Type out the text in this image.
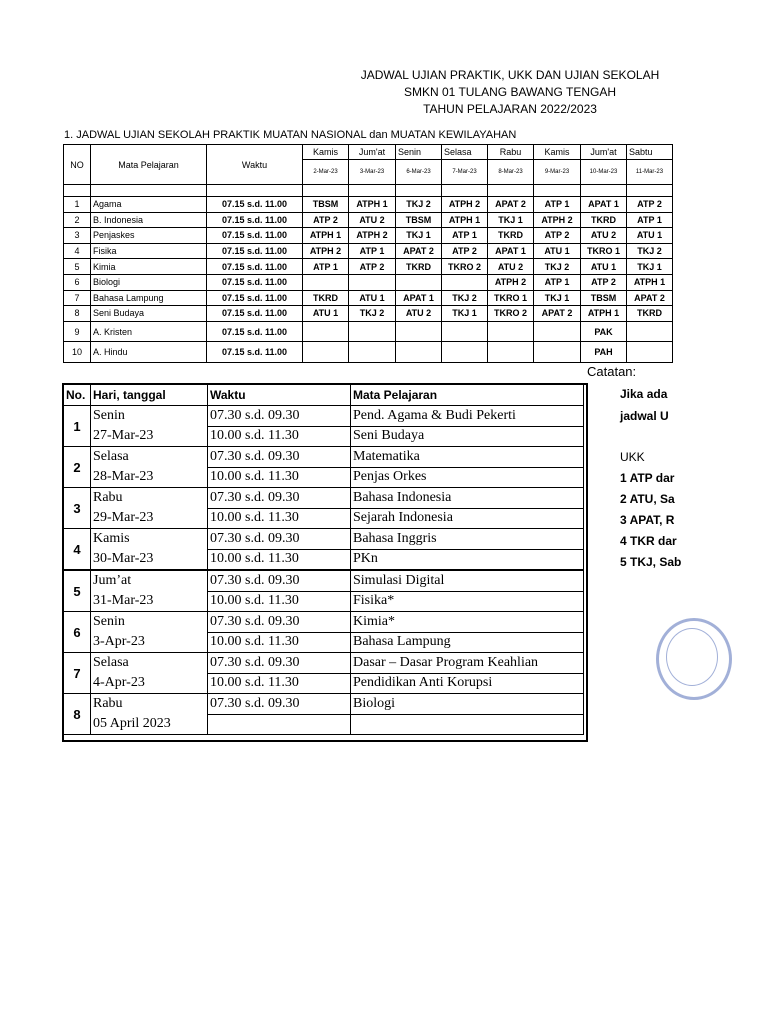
JADWAL UJIAN PRAKTIK, UKK DAN UJIAN SEKOLAH
SMKN 01 TULANG BAWANG TENGAH
TAHUN PELAJARAN 2022/2023
1. JADWAL UJIAN SEKOLAH PRAKTIK MUATAN NASIONAL dan MUATAN KEWILAYAHAN
NO	Mata Pelajaran	Waktu	Kamis	Jum'at	Senin	Selasa	Rabu	Kamis	Jum'at	Sabtu
			2-Mar-23	3-Mar-23	6-Mar-23	7-Mar-23	8-Mar-23	9-Mar-23	10-Mar-23	11-Mar-23

1	Agama	07.15 s.d. 11.00	TBSM	ATPH 1	TKJ 2	ATPH 2	APAT 2	ATP 1	APAT 1	ATP 2
2	B. Indonesia	07.15 s.d. 11.00	ATP 2	ATU 2	TBSM	ATPH 1	TKJ 1	ATPH 2	TKRD	ATP 1
3	Penjaskes	07.15 s.d. 11.00	ATPH 1	ATPH 2	TKJ 1	ATP 1	TKRD	ATP 2	ATU 2	ATU 1
4	Fisika	07.15 s.d. 11.00	ATPH 2	ATP 1	APAT 2	ATP 2	APAT 1	ATU 1	TKRO 1	TKJ 2
5	Kimia	07.15 s.d. 11.00	ATP 1	ATP 2	TKRD	TKRO 2	ATU 2	TKJ 2	ATU 1	TKJ 1
6	Biologi	07.15 s.d. 11.00					ATPH 2	ATP 1	ATP 2	ATPH 1
7	Bahasa Lampung	07.15 s.d. 11.00	TKRD	ATU 1	APAT 1	TKJ 2	TKRO 1	TKJ 1	TBSM	APAT 2
8	Seni Budaya	07.15 s.d. 11.00	ATU 1	TKJ 2	ATU 2	TKJ 1	TKRO 2	APAT 2	ATPH 1	TKRD
9	A. Kristen	07.15 s.d. 11.00							PAK	
10	A. Hindu	07.15 s.d. 11.00							PAH	
No.	Hari, tanggal	Waktu	Mata Pelajaran
1	Senin	07.30 s.d. 09.30	Pend. Agama & Budi Pekerti
	27-Mar-23	10.00 s.d. 11.30	Seni Budaya
2	Selasa	07.30 s.d. 09.30	Matematika
	28-Mar-23	10.00 s.d. 11.30	Penjas Orkes
3	Rabu	07.30 s.d. 09.30	Bahasa Indonesia
	29-Mar-23	10.00 s.d. 11.30	Sejarah Indonesia
4	Kamis	07.30 s.d. 09.30	Bahasa Inggris
	30-Mar-23	10.00 s.d. 11.30	PKn
5	Jum’at	07.30 s.d. 09.30	Simulasi Digital
	31-Mar-23	10.00 s.d. 11.30	Fisika*
6	Senin	07.30 s.d. 09.30	Kimia*
	3-Apr-23	10.00 s.d. 11.30	Bahasa Lampung
7	Selasa	07.30 s.d. 09.30	Dasar – Dasar Program Keahlian
	4-Apr-23	10.00 s.d. 11.30	Pendidikan Anti Korupsi
8	Rabu	07.30 s.d. 09.30	Biologi
	05 April 2023		
Catatan:
Jika ada
jadwal U
UKK
1 ATP dar
2 ATU, Sa
3 APAT, R
4 TKR dar
5 TKJ, Sab
